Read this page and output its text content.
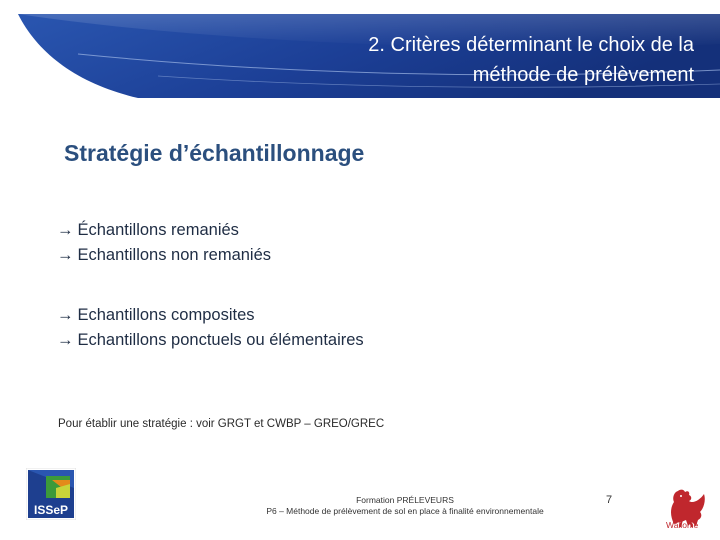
2. Critères déterminant le choix de la
méthode de prélèvement
Stratégie d’échantillonnage
→ Échantillons remaniés
→ Echantillons non remaniés
→ Echantillons composites
→ Echantillons ponctuels ou élémentaires
Pour établir une stratégie : voir GRGT et CWBP – GREO/GREC
ISSeP
Formation PRÉLEVEURS
P6 – Méthode de prélèvement de sol en place à finalité environnementale
7
Wallonie
